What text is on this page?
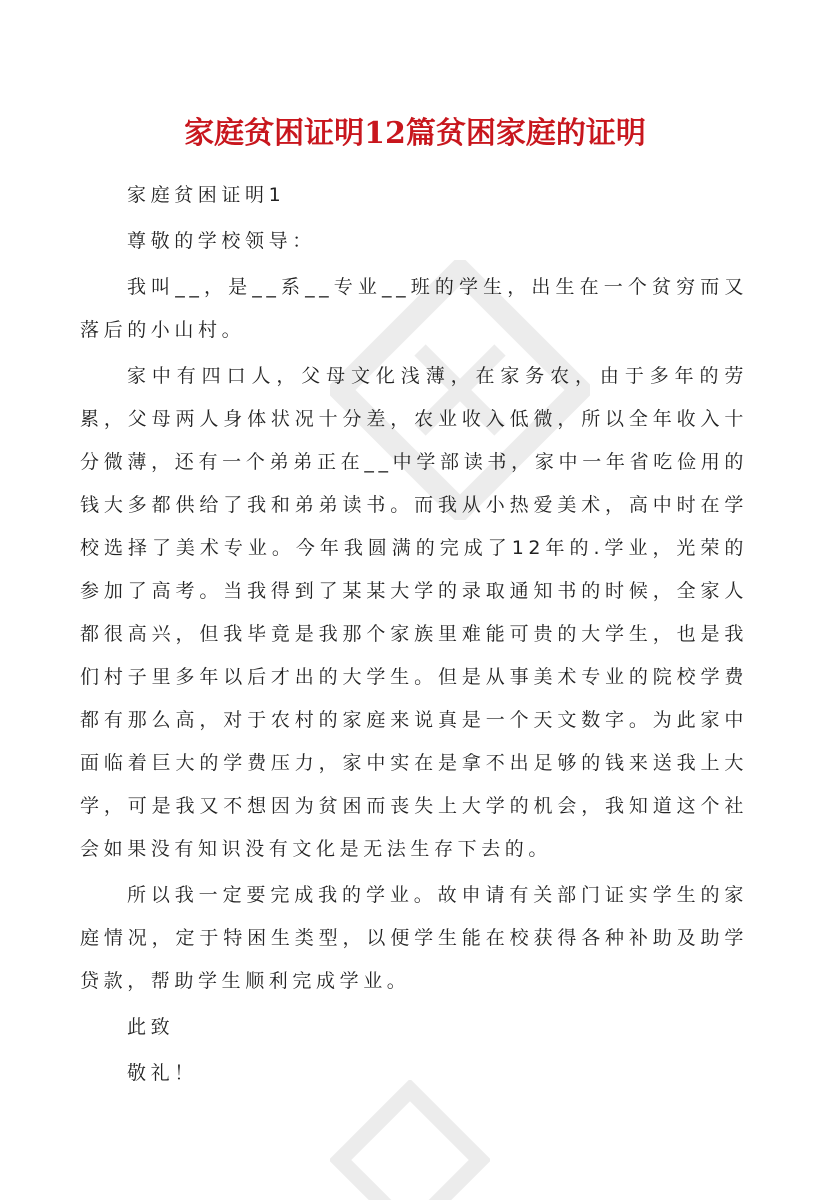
家庭贫困证明12篇贫困家庭的证明

家庭贫困证明1

尊敬的学校领导：

我叫__，是__系__专业__班的学生，出生在一个贫穷而又落后的小山村。

家中有四口人，父母文化浅薄，在家务农，由于多年的劳累，父母两人身体状况十分差，农业收入低微，所以全年收入十分微薄，还有一个弟弟正在__中学部读书，家中一年省吃俭用的钱大多都供给了我和弟弟读书。而我从小热爱美术，高中时在学校选择了美术专业。今年我圆满的完成了12年的.学业，光荣的参加了高考。当我得到了某某大学的录取通知书的时候，全家人都很高兴，但我毕竟是我那个家族里难能可贵的大学生，也是我们村子里多年以后才出的大学生。但是从事美术专业的院校学费都有那么高，对于农村的家庭来说真是一个天文数字。为此家中面临着巨大的学费压力，家中实在是拿不出足够的钱来送我上大学，可是我又不想因为贫困而丧失上大学的机会，我知道这个社会如果没有知识没有文化是无法生存下去的。

所以我一定要完成我的学业。故申请有关部门证实学生的家庭情况，定于特困生类型，以便学生能在校获得各种补助及助学贷款，帮助学生顺利完成学业。

此致

敬礼！
